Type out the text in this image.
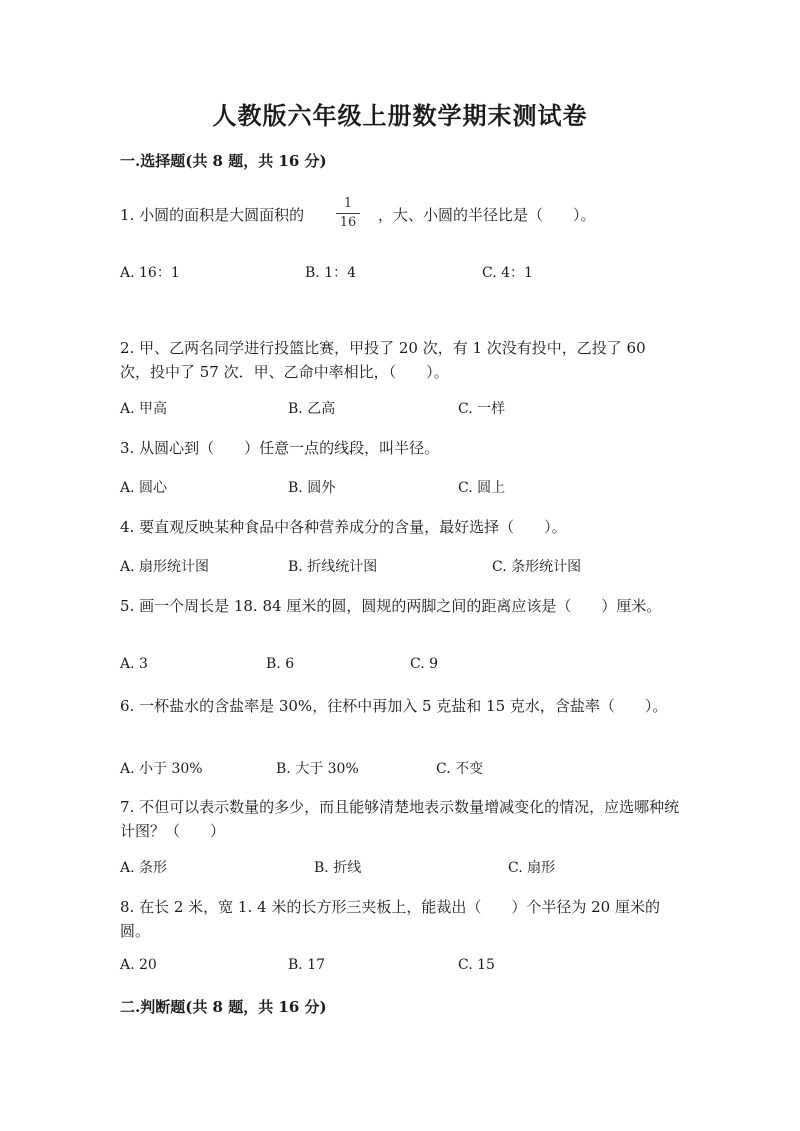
人教版六年级上册数学期末测试卷
一.选择题(共 8 题，共 16 分)
1. 小圆的面积是大圆面积的
1
16 ，大、小圆的半径比是（　　）。
A. 16：1	B. 1：4	C. 4：1
2. 甲、乙两名同学进行投篮比赛，甲投了 20 次，有 1 次没有投中，乙投了 60 次，投中了 57 次．甲、乙命中率相比，（　　）。
A. 甲高	B. 乙高	C. 一样
3. 从圆心到（　　）任意一点的线段，叫半径。
A. 圆心	B. 圆外	C. 圆上
4. 要直观反映某种食品中各种营养成分的含量，最好选择（　　）。
A. 扇形统计图	B. 折线统计图	C. 条形统计图
5. 画一个周长是 18. 84 厘米的圆，圆规的两脚之间的距离应该是（　　）厘米。
A. 3	B. 6	C. 9
6. 一杯盐水的含盐率是 30%，往杯中再加入 5 克盐和 15 克水，含盐率（　　）。
A. 小于 30%	B. 大于 30%	C. 不变
7. 不但可以表示数量的多少，而且能够清楚地表示数量增减变化的情况，应选哪种统计图？（　　）
A. 条形	B. 折线	C. 扇形
8. 在长 2 米，宽 1. 4 米的长方形三夹板上，能裁出（　　）个半径为 20 厘米的圆。
A. 20	B. 17	C. 15
二.判断题(共 8 题，共 16 分)
